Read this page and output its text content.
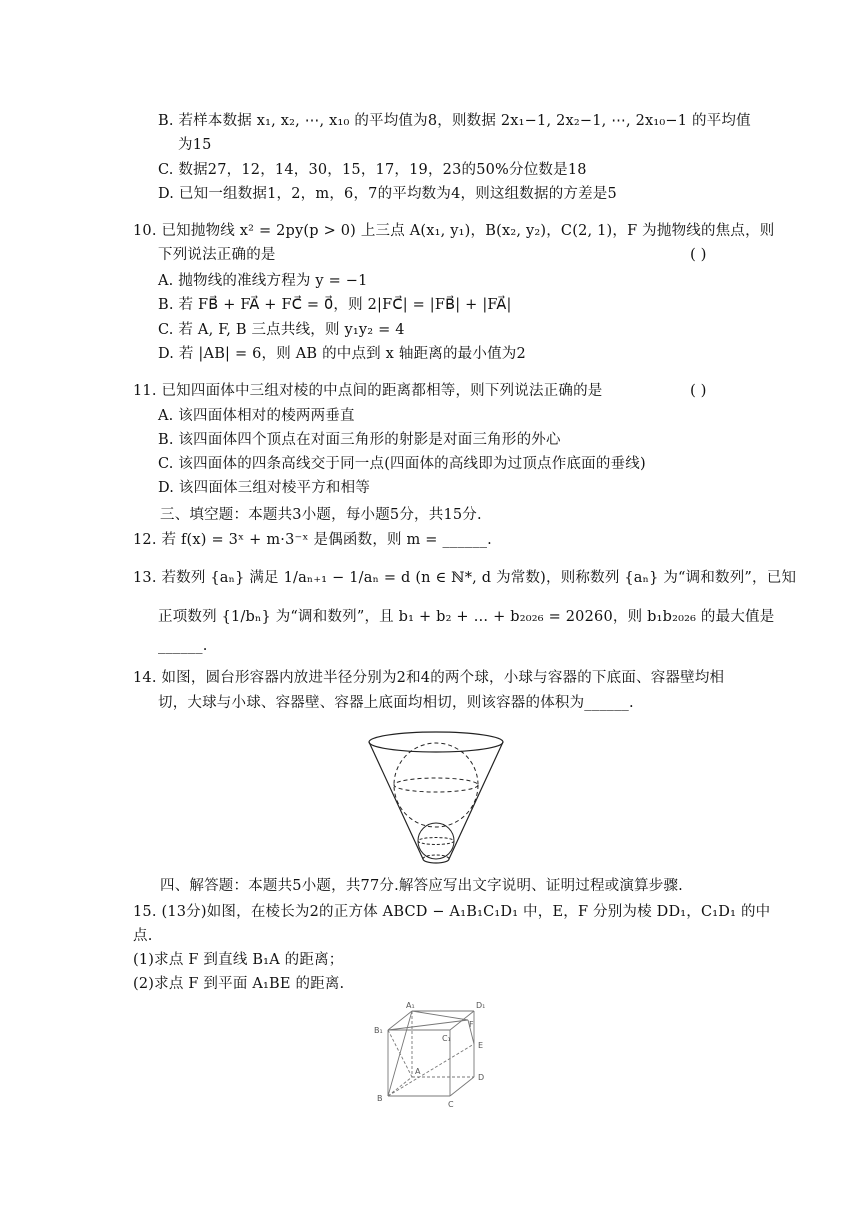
B. 若样本数据 x₁, x₂, ⋯, x₁₀ 的平均值为8，则数据 2x₁−1, 2x₂−1, ⋯, 2x₁₀−1 的平均值
为15
C. 数据27，12，14，30，15，17，19，23的50%分位数是18
D. 已知一组数据1，2，m，6，7的平均数为4，则这组数据的方差是5
10. 已知抛物线 x² = 2py(p > 0) 上三点 A(x₁, y₁)，B(x₂, y₂)，C(2, 1)，F 为抛物线的焦点，则
下列说法正确的是	( )
A. 抛物线的准线方程为 y = −1
B. 若 FB⃗ + FA⃗ + FC⃗ = 0⃗，则 2|FC⃗| = |FB⃗| + |FA⃗|
C. 若 A, F, B 三点共线，则 y₁y₂ = 4
D. 若 |AB| = 6，则 AB 的中点到 x 轴距离的最小值为2
11. 已知四面体中三组对棱的中点间的距离都相等，则下列说法正确的是	( )
A. 该四面体相对的棱两两垂直
B. 该四面体四个顶点在对面三角形的射影是对面三角形的外心
C. 该四面体的四条高线交于同一点(四面体的高线即为过顶点作底面的垂线)
D. 该四面体三组对棱平方和相等
三、填空题：本题共3小题，每小题5分，共15分.
12. 若 f(x) = 3ˣ + m·3⁻ˣ 是偶函数，则 m = ______.
13. 若数列 {aₙ} 满足 1/aₙ₊₁ − 1/aₙ = d (n ∈ ℕ*, d 为常数)，则称数列 {aₙ} 为“调和数列”，已知
正项数列 {1/bₙ} 为“调和数列”，且 b₁ + b₂ + … + b₂₀₂₆ = 20260，则 b₁b₂₀₂₆ 的最大值是
______.
14. 如图，圆台形容器内放进半径分别为2和4的两个球，小球与容器的下底面、容器壁均相
切，大球与小球、容器壁、容器上底面均相切，则该容器的体积为______.
四、解答题：本题共5小题，共77分.解答应写出文字说明、证明过程或演算步骤.
15. (13分)如图，在棱长为2的正方体 ABCD − A₁B₁C₁D₁ 中，E，F 分别为棱 DD₁，C₁D₁ 的中
点.
(1)求点 F 到直线 B₁A 的距离；
(2)求点 F 到平面 A₁BE 的距离.
A₁	D₁
B₁
C₁
F
E
A
D
B
C
